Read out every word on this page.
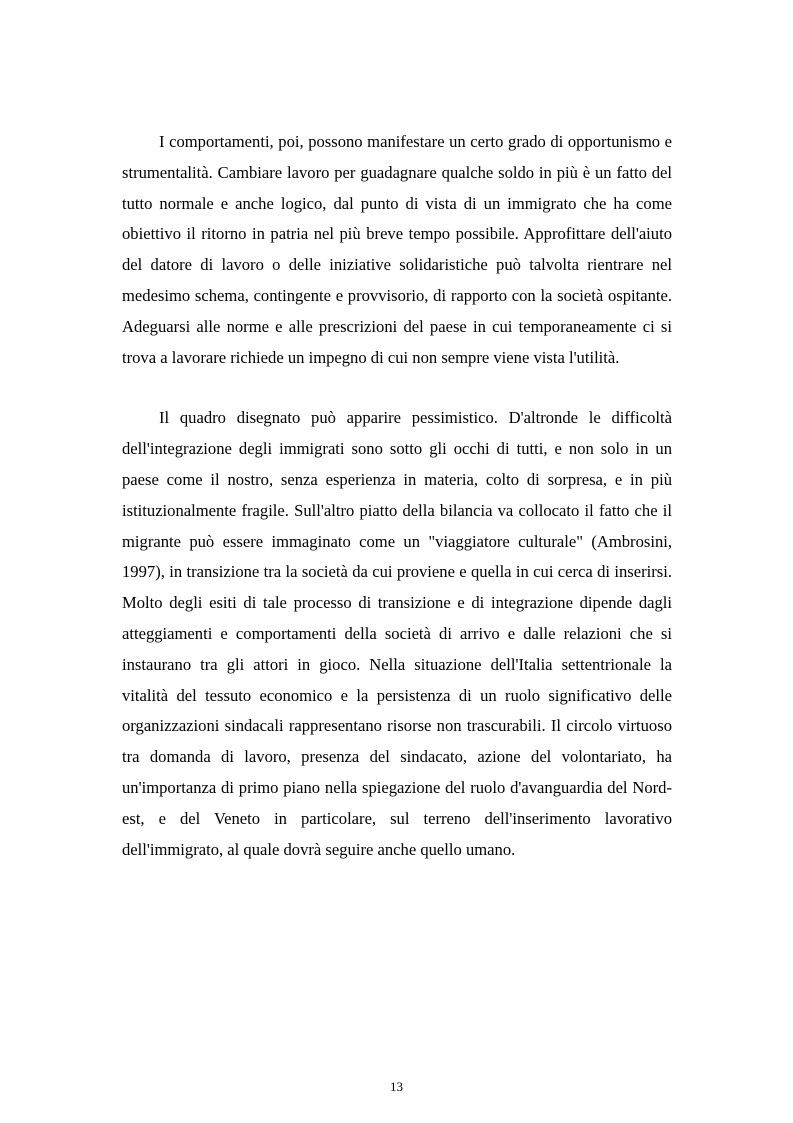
I comportamenti, poi, possono manifestare un certo grado di opportunismo e strumentalità. Cambiare lavoro per guadagnare qualche soldo in più è un fatto del tutto normale e anche logico, dal punto di vista di un immigrato che ha come obiettivo il ritorno in patria nel più breve tempo possibile. Approfittare dell'aiuto del datore di lavoro o delle iniziative solidaristiche può talvolta rientrare nel medesimo schema, contingente e provvisorio, di rapporto con la società ospitante. Adeguarsi alle norme e alle prescrizioni del paese in cui temporaneamente ci si trova a lavorare richiede un impegno di cui non sempre viene vista l'utilità.

Il quadro disegnato può apparire pessimistico. D'altronde le difficoltà dell'integrazione degli immigrati sono sotto gli occhi di tutti, e non solo in un paese come il nostro, senza esperienza in materia, colto di sorpresa, e in più istituzionalmente fragile. Sull'altro piatto della bilancia va collocato il fatto che il migrante può essere immaginato come un "viaggiatore culturale" (Ambrosini, 1997), in transizione tra la società da cui proviene e quella in cui cerca di inserirsi. Molto degli esiti di tale processo di transizione e di integrazione dipende dagli atteggiamenti e comportamenti della società di arrivo e dalle relazioni che si instaurano tra gli attori in gioco. Nella situazione dell'Italia settentrionale la vitalità del tessuto economico e la persistenza di un ruolo significativo delle organizzazioni sindacali rappresentano risorse non trascurabili. Il circolo virtuoso tra domanda di lavoro, presenza del sindacato, azione del volontariato, ha un'importanza di primo piano nella spiegazione del ruolo d'avanguardia del Nord-est, e del Veneto in particolare, sul terreno dell'inserimento lavorativo dell'immigrato, al quale dovrà seguire anche quello umano.

13
